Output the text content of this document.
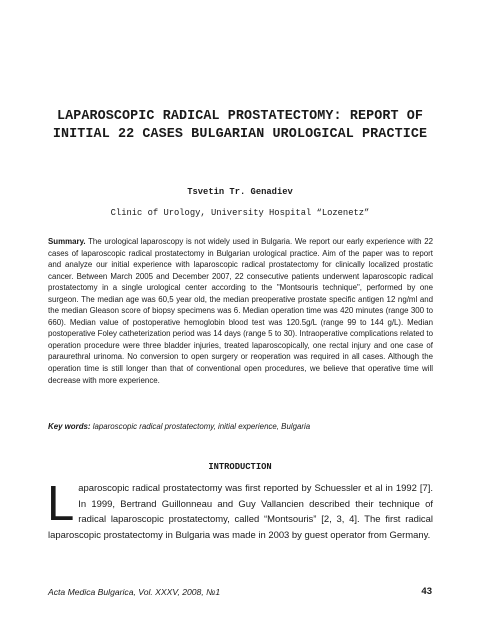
LAPAROSCOPIC RADICAL PROSTATECTOMY: REPORT OF INITIAL 22 CASES BULGARIAN UROLOGICAL PRACTICE

Tsvetin Tr. Genadiev

Clinic of Urology, University Hospital “Lozenetz”

Summary. The urological laparoscopy is not widely used in Bulgaria. We report our early experience with 22 cases of laparoscopic radical prostatectomy in Bulgarian urological practice. Aim of the paper was to report and analyze our initial experience with laparoscopic radical prostatectomy for clinically localized prostatic cancer. Between March 2005 and December 2007, 22 consecutive patients underwent laparoscopic radical prostatectomy in a single urological center according to the "Montsouris technique", performed by one surgeon. The median age was 60,5 year old, the median preoperative prostate specific antigen 12 ng/ml and the median Gleason score of biopsy specimens was 6. Median operation time was 420 minutes (range 300 to 660). Median value of postoperative hemoglobin blood test was 120.5g/L (range 99 to 144 g/L). Median postoperative Foley catheterization period was 14 days (range 5 to 30). Intraoperative complications related to operation procedure were three bladder injuries, treated laparoscopically, one rectal injury and one case of paraurethral urinoma. No conversion to open surgery or reoperation was required in all cases. Although the operation time is still longer than that of conventional open procedures, we believe that operative time will decrease with more experience.

Key words: laparoscopic radical prostatectomy, initial experience, Bulgaria

INTRODUCTION

Laparoscopic radical prostatectomy was first reported by Schuessler et al in 1992 [7]. In 1999, Bertrand Guillonneau and Guy Vallancien described their technique of radical laparoscopic prostatectomy, called “Montsouris” [2, 3, 4]. The first radical laparoscopic prostatectomy in Bulgaria was made in 2003 by guest operator from Germany.

Acta Medica Bulgarica, Vol. XXXV, 2008, №1	43
